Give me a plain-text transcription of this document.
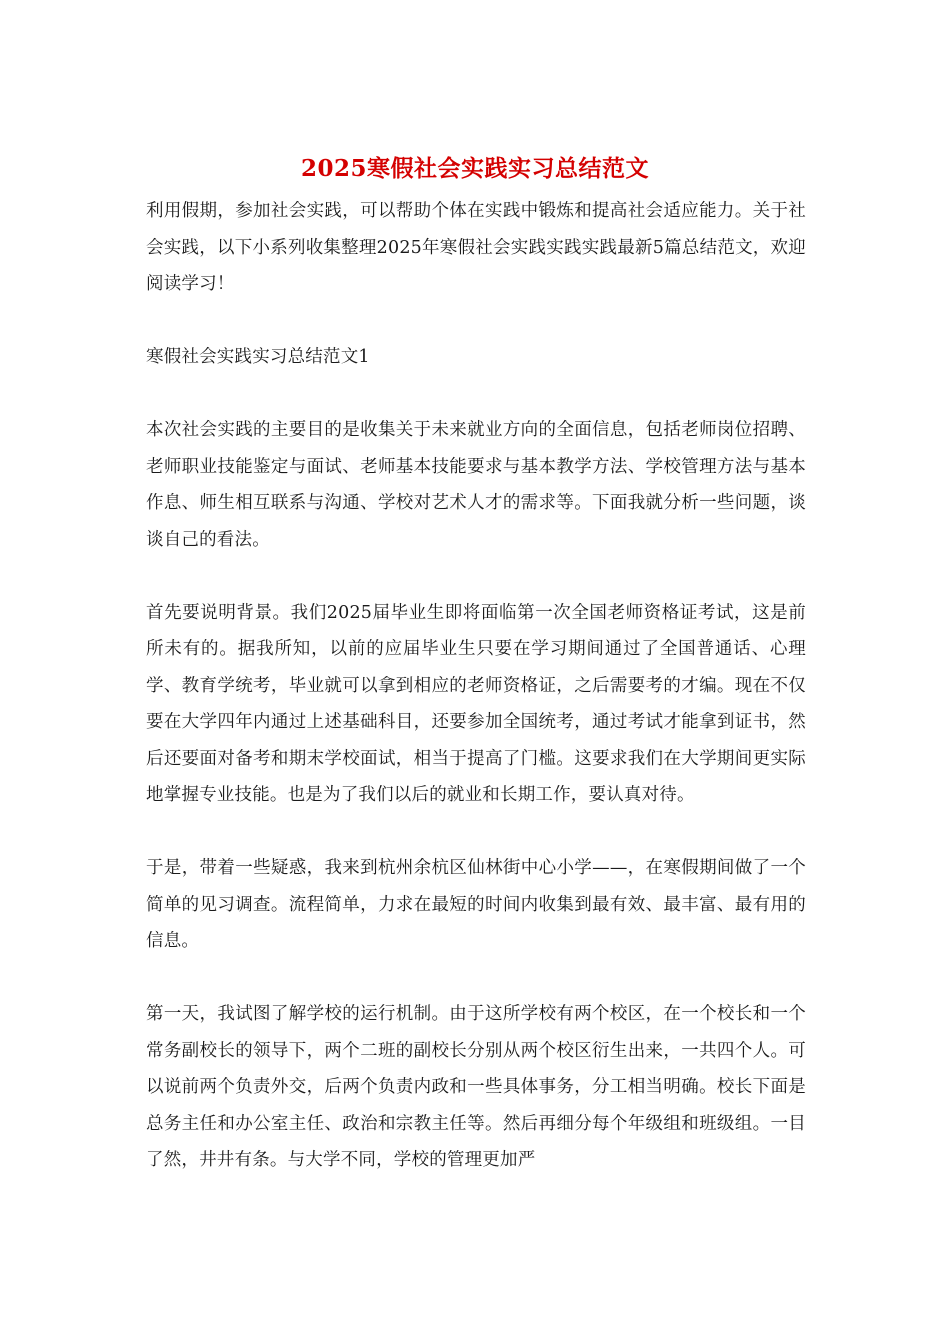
2025寒假社会实践实习总结范文

利用假期，参加社会实践，可以帮助个体在实践中锻炼和提高社会适应能力。关于社会实践，以下小系列收集整理2025年寒假社会实践实践实践最新5篇总结范文，欢迎阅读学习！

寒假社会实践实习总结范文1

本次社会实践的主要目的是收集关于未来就业方向的全面信息，包括老师岗位招聘、老师职业技能鉴定与面试、老师基本技能要求与基本教学方法、学校管理方法与基本作息、师生相互联系与沟通、学校对艺术人才的需求等。下面我就分析一些问题，谈谈自己的看法。

首先要说明背景。我们2025届毕业生即将面临第一次全国老师资格证考试，这是前所未有的。据我所知，以前的应届毕业生只要在学习期间通过了全国普通话、心理学、教育学统考，毕业就可以拿到相应的老师资格证，之后需要考的才编。现在不仅要在大学四年内通过上述基础科目，还要参加全国统考，通过考试才能拿到证书，然后还要面对备考和期末学校面试，相当于提高了门槛。这要求我们在大学期间更实际地掌握专业技能。也是为了我们以后的就业和长期工作，要认真对待。

于是，带着一些疑惑，我来到杭州余杭区仙林街中心小学——，在寒假期间做了一个简单的见习调查。流程简单，力求在最短的时间内收集到最有效、最丰富、最有用的信息。

第一天，我试图了解学校的运行机制。由于这所学校有两个校区，在一个校长和一个常务副校长的领导下，两个二班的副校长分别从两个校区衍生出来，一共四个人。可以说前两个负责外交，后两个负责内政和一些具体事务，分工相当明确。校长下面是总务主任和办公室主任、政治和宗教主任等。然后再细分每个年级组和班级组。一目了然，井井有条。与大学不同，学校的管理更加严
